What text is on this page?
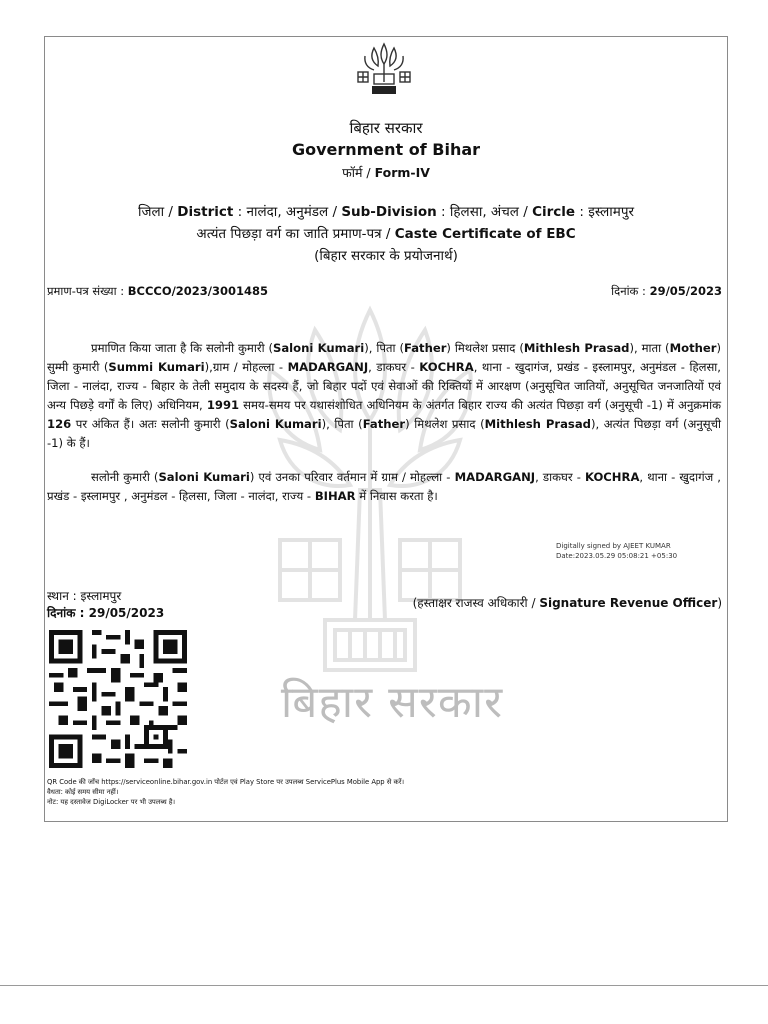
बिहार सरकार
बिहार सरकार
Government of Bihar
फॉर्म / Form-IV
जिला / District : नालंदा, अनुमंडल / Sub-Division : हिलसा, अंचल / Circle : इस्लामपुर
अत्यंत पिछड़ा वर्ग का जाति प्रमाण-पत्र / Caste Certificate of EBC
(बिहार सरकार के प्रयोजनार्थ)
प्रमाण-पत्र संख्या : BCCCO/2023/3001485	दिनांक : 29/05/2023
प्रमाणित किया जाता है कि सलोनी कुमारी (Saloni Kumari), पिता (Father) मिथलेश प्रसाद (Mithlesh Prasad), माता (Mother) सुम्मी कुमारी (Summi Kumari),ग्राम / मोहल्ला - MADARGANJ, डाकघर - KOCHRA, थाना - खुदागंज, प्रखंड - इस्लामपुर, अनुमंडल - हिलसा, जिला - नालंदा, राज्य - बिहार के तेली समुदाय के सदस्य हैं, जो बिहार पदों एवं सेवाओं की रिक्तियों में आरक्षण (अनुसूचित जातियों, अनुसूचित जनजातियों एवं अन्य पिछड़े वर्गों के लिए) अधिनियम, 1991 समय-समय पर यथासंशोधित अधिनियम के अंतर्गत बिहार राज्य की अत्यंत पिछड़ा वर्ग (अनुसूची -1) में अनुक्रमांक 126 पर अंकित हैं। अतः सलोनी कुमारी (Saloni Kumari), पिता (Father) मिथलेश प्रसाद (Mithlesh Prasad), अत्यंत पिछड़ा वर्ग (अनुसूची -1) के हैं।
सलोनी कुमारी (Saloni Kumari) एवं उनका परिवार वर्तमान में ग्राम / मोहल्ला - MADARGANJ, डाकघर - KOCHRA, थाना - खुदागंज , प्रखंड - इस्लामपुर , अनुमंडल - हिलसा, जिला - नालंदा, राज्य - BIHAR में निवास करता है।
Digitally signed by AJEET KUMAR
Date:2023.05.29 05:08:21 +05:30
स्थान : इस्लामपुर
दिनांक : 29/05/2023
(हस्ताक्षर राजस्व अधिकारी / Signature Revenue Officer)
QR Code की जाँच https://serviceonline.bihar.gov.in पोर्टल एवं Play Store पर उपलब्ध ServicePlus Mobile App से करें।
वैधता: कोई समय सीमा नहीं।
नोट: यह दस्तावेज DigiLocker पर भी उपलब्ध है।
